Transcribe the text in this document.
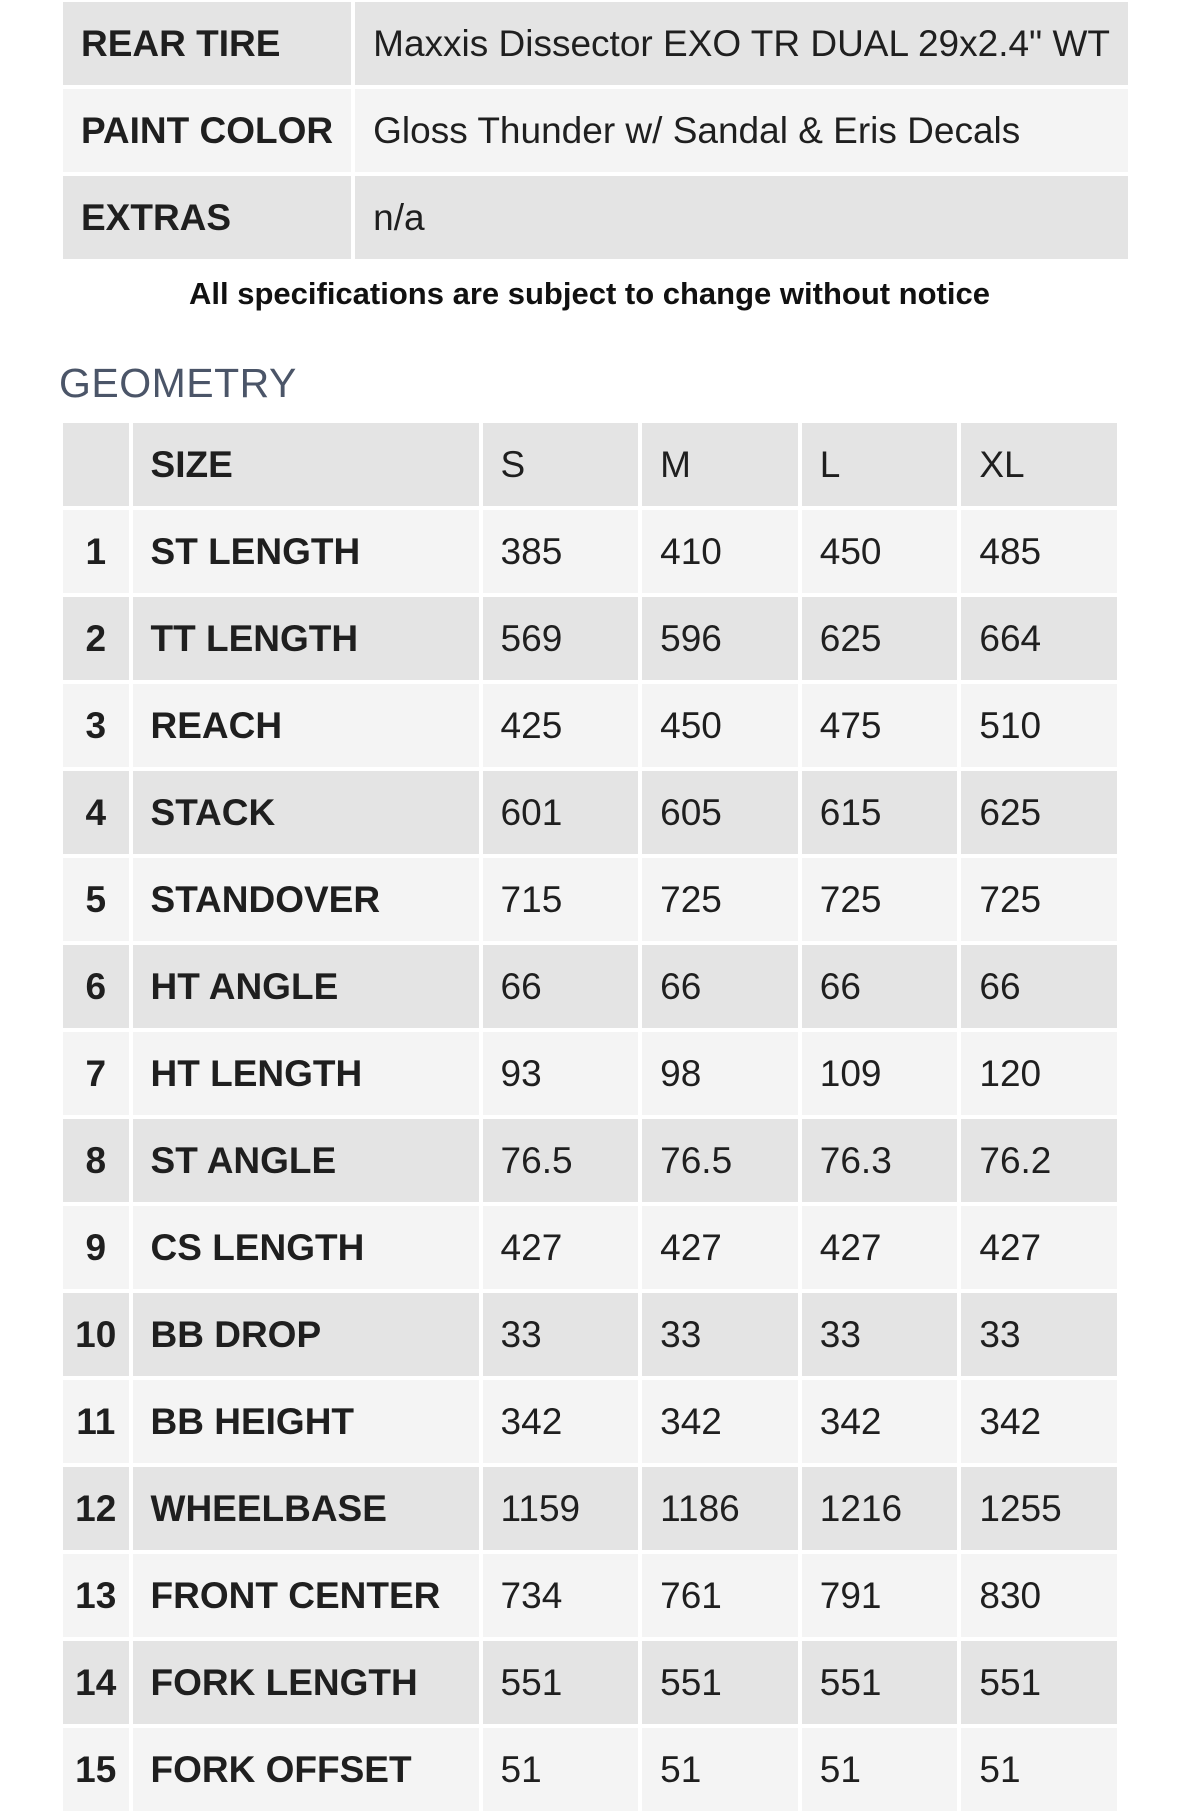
REAR TIRE	Maxxis Dissector EXO TR DUAL 29x2.4" WT
PAINT COLOR	Gloss Thunder w/ Sandal & Eris Decals
EXTRAS	n/a
All specifications are subject to change without notice
GEOMETRY
	SIZE	S	M	L	XL
1	ST LENGTH	385	410	450	485
2	TT LENGTH	569	596	625	664
3	REACH	425	450	475	510
4	STACK	601	605	615	625
5	STANDOVER	715	725	725	725
6	HT ANGLE	66	66	66	66
7	HT LENGTH	93	98	109	120
8	ST ANGLE	76.5	76.5	76.3	76.2
9	CS LENGTH	427	427	427	427
10	BB DROP	33	33	33	33
11	BB HEIGHT	342	342	342	342
12	WHEELBASE	1159	1186	1216	1255
13	FRONT CENTER	734	761	791	830
14	FORK LENGTH	551	551	551	551
15	FORK OFFSET	51	51	51	51
